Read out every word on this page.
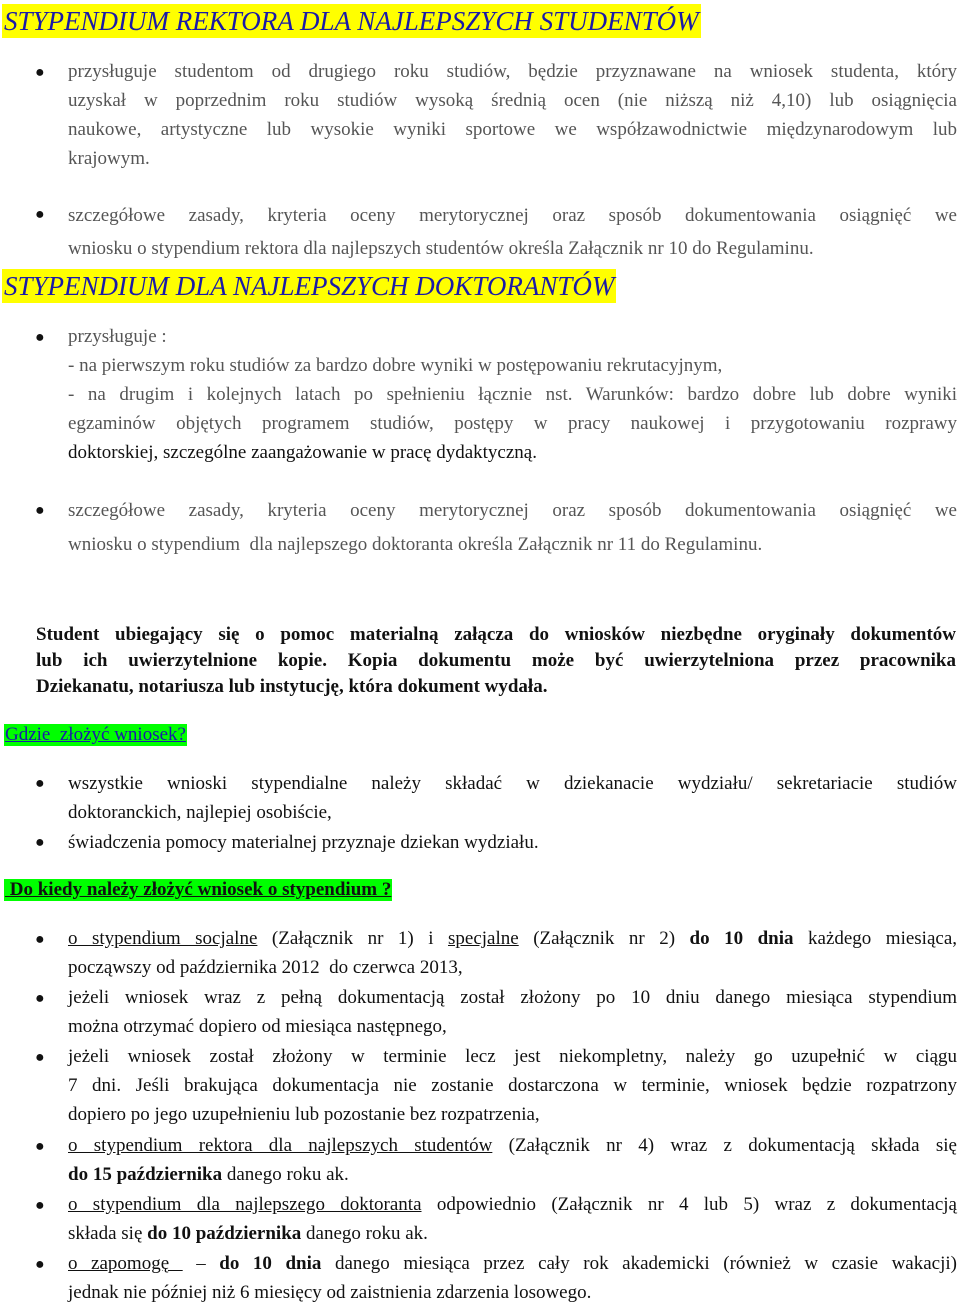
STYPENDIUM REKTORA DLA NAJLEPSZYCH STUDENTÓW
● przysługuje studentom od drugiego roku studiów, będzie przyznawane na wniosek studenta, który
uzyskał w poprzednim roku studiów wysoką średnią ocen (nie niższą niż 4,10) lub osiągnięcia
naukowe, artystyczne lub wysokie wyniki sportowe we współzawodnictwie międzynarodowym lub
krajowym.

● szczegółowe zasady, kryteria oceny merytorycznej oraz sposób dokumentowania osiągnięć we
wniosku o stypendium rektora dla najlepszych studentów określa Załącznik nr 10 do Regulaminu.

STYPENDIUM DLA NAJLEPSZYCH DOKTORANTÓW
● przysługuje :
- na pierwszym roku studiów za bardzo dobre wyniki w postępowaniu rekrutacyjnym,
- na drugim i kolejnych latach po spełnieniu łącznie nst. Warunków: bardzo dobre lub dobre wyniki
egzaminów objętych programem studiów, postępy w pracy naukowej i przygotowaniu rozprawy
doktorskiej, szczególne zaangażowanie w pracę dydaktyczną.

● szczegółowe zasady, kryteria oceny merytorycznej oraz sposób dokumentowania osiągnięć we
wniosku o stypendium  dla najlepszego doktoranta określa Załącznik nr 11 do Regulaminu.

Student ubiegający się o pomoc materialną załącza do wniosków niezbędne oryginały dokumentów
lub ich uwierzytelnione kopie. Kopia dokumentu może być uwierzytelniona przez pracownika
Dziekanatu, notariusza lub instytucję, która dokument wydała.

Gdzie  złożyć wniosek?
● wszystkie wnioski stypendialne należy składać w dziekanacie wydziału/ sekretariacie studiów
doktoranckich, najlepiej osobiście,

● świadczenia pomocy materialnej przyznaje dziekan wydziału.

Do kiedy należy złożyć wniosek o stypendium ?
● o stypendium socjalne (Załącznik nr 1) i specjalne (Załącznik nr 2) do 10 dnia każdego miesiąca,
począwszy od października 2012  do czerwca 2013,

● jeżeli wniosek wraz z pełną dokumentacją został złożony po 10 dniu danego miesiąca stypendium
można otrzymać dopiero od miesiąca następnego,

● jeżeli wniosek został złożony w terminie lecz jest niekompletny, należy go uzupełnić w ciągu
7 dni. Jeśli brakująca dokumentacja nie zostanie dostarczona w terminie, wniosek będzie rozpatrzony
dopiero po jego uzupełnieniu lub pozostanie bez rozpatrzenia,

● o stypendium rektora dla najlepszych studentów (Załącznik nr 4) wraz z dokumentacją składa się
do 15 października danego roku ak.

● o stypendium dla najlepszego doktoranta odpowiednio (Załącznik nr 4 lub 5) wraz z dokumentacją
składa się do 10 października danego roku ak.

● o zapomogę  – do 10 dnia danego miesiąca przez cały rok akademicki (również w czasie wakacji)
jednak nie później niż 6 miesięcy od zaistnienia zdarzenia losowego.
